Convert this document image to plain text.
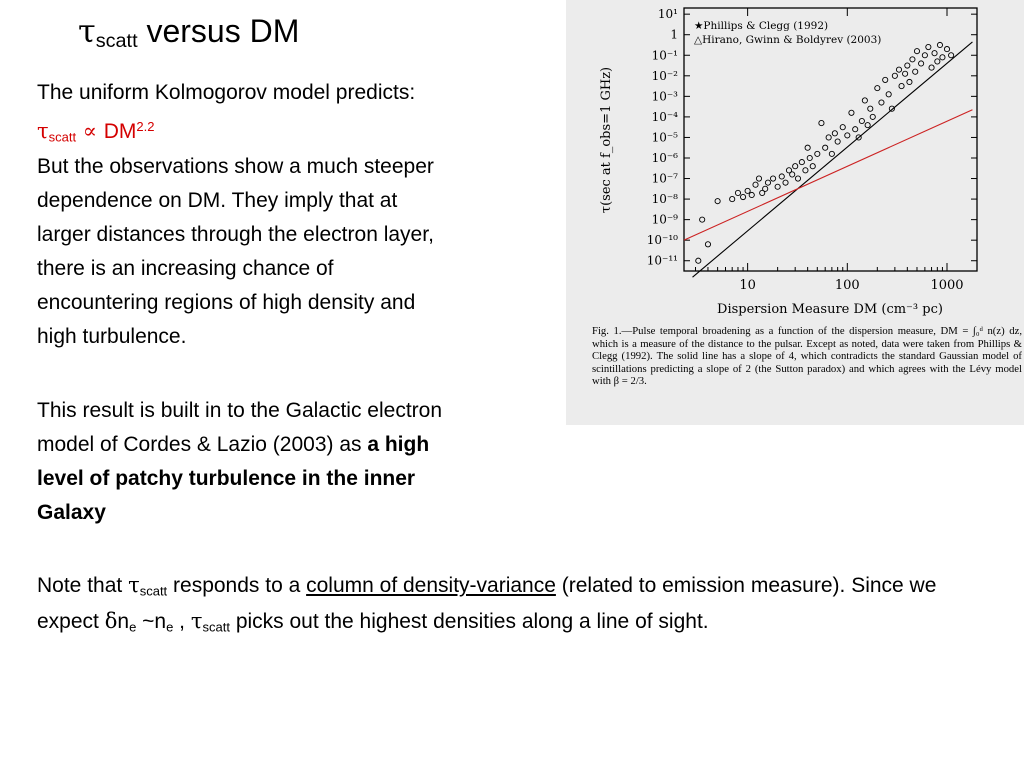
$\tau_{scatt}$ versus DM
The uniform Kolmogorov model predicts:
$\tau_{scatt} \propto DM^{2.2}$
But the observations show a much steeper
dependence on DM. They imply that at
larger distances through the electron layer,
there is an increasing chance of
encountering regions of high density and
high turbulence.
This result is built in to the Galactic electron
model of Cordes & Lazio (2003) as a high
level of patchy turbulence in the inner
Galaxy
Note that $\tau_{scatt}$ responds to a column of density-variance (related to emission measure). Since we expect $\delta n_e$ $\sim n_e$ , $\tau_{scatt}$ picks out the highest densities along a line of sight.
10¹
1
10⁻¹
10⁻²
10⁻³
10⁻⁴
10⁻⁵
10⁻⁶
10⁻⁷
10⁻⁸
10⁻⁹
10⁻¹⁰
10⁻¹¹
10	100	1000
★Phillips & Clegg (1992)
△Hirano, Gwinn & Boldyrev (2003)
Dispersion Measure DM (cm⁻³ pc)
τ(sec at f_obs=1 GHz)
Fig. 1.—Pulse temporal broadening as a function of the dispersion measure, DM = ∫₀ᵈ n(z) dz, which is a measure of the distance to the pulsar. Except as noted, data were taken from Phillips & Clegg (1992). The solid line has a slope of 4, which contradicts the standard Gaussian model of scintillations predicting a slope of 2 (the Sutton paradox) and which agrees with the Lévy model with β = 2/3.
